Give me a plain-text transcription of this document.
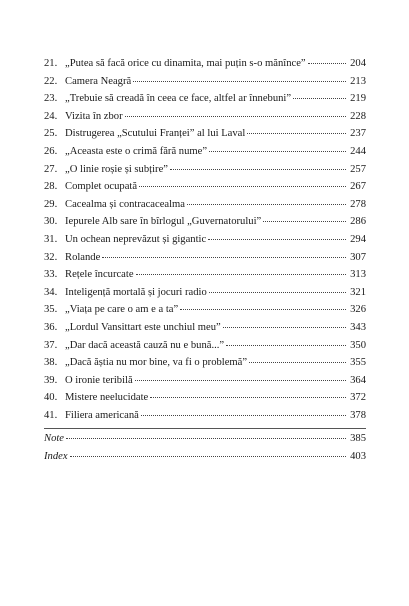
21. „Putea să facă orice cu dinamita, mai puțin s-o mănînce”	204
22. Camera Neagră	213
23. „Trebuie să creadă în ceea ce face, altfel ar înnebuni”	219
24. Vizita în zbor	228
25. Distrugerea „Scutului Franței” al lui Laval	237
26. „Aceasta este o crimă fără nume”	244
27. „O linie roșie și subțire”	257
28. Complet ocupată	267
29. Cacealma și contracacealma	278
30. Iepurele Alb sare în bîrlogul „Guvernatorului”	286
31. Un ochean neprevăzut și gigantic	294
32. Rolande	307
33. Rețele încurcate	313
34. Inteligență mortală și jocuri radio	321
35. „Viața pe care o am e a ta”	326
36. „Lordul Vansittart este unchiul meu”	343
37. „Dar dacă această cauză nu e bună...”	350
38. „Dacă ăștia nu mor bine, va fi o problemă”	355
39. O ironie teribilă	364
40. Mistere neelucidate	372
41. Filiera americană	378
Note	385
Index	403
